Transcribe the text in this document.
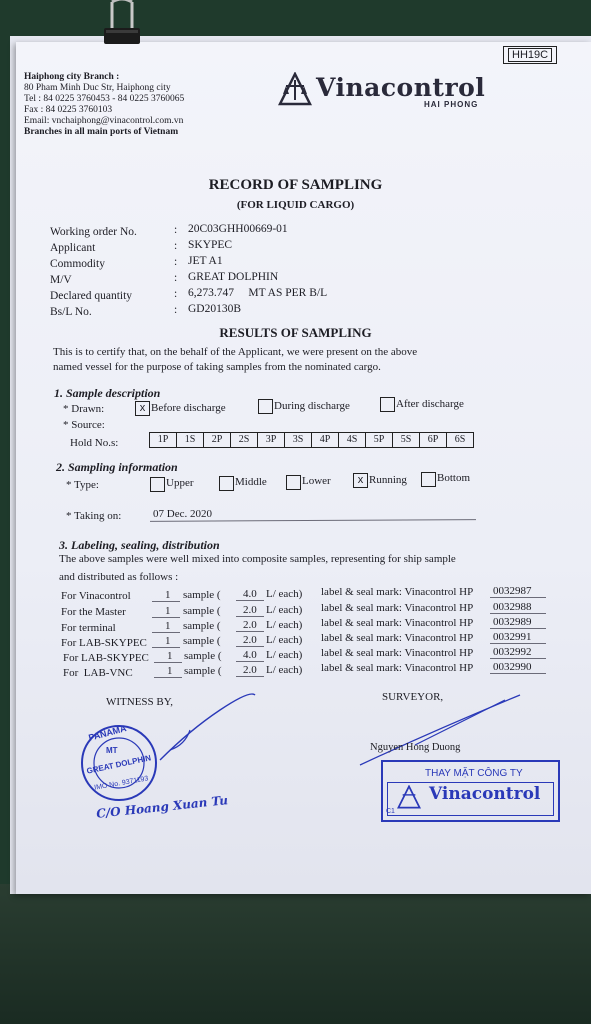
HH19C
Haiphong city Branch :
80 Pham Minh Duc Str, Haiphong city
Tel : 84 0225 3760453 - 84 0225 3760065
Fax : 84 0225 3760103
Email: vnchaiphong@vinacontrol.com.vn
Branches in all main ports of Vietnam
Vinacontrol
HAI PHONG
RECORD OF SAMPLING
(FOR LIQUID CARGO)
Working order No.	: 20C03GHH00669-01
Applicant	: SKYPEC
Commodity	: JET A1
M/V	: GREAT DOLPHIN
Declared quantity	: 6,273.747     MT AS PER B/L
Bs/L No.	: GD20130B
RESULTS OF SAMPLING
This is to certify that, on the behalf of the Applicant, we were present on the above
named vessel for the purpose of taking samples from the nominated cargo.
1. Sample description
* Drawn:	x Before discharge	During discharge	After discharge
* Source:
Hold No.s:	1P	1S	2P	2S	3P	3S	4P	4S	5P	5S	6P	6S
2. Sampling information
* Type:	Upper	Middle	Lower	x Running	Bottom
* Taking on:	07 Dec. 2020
3. Labeling, sealing, distribution
The above samples were well mixed into composite samples, representing for ship sample
and distributed as follows :
For Vinacontrol	1 sample ( 4.0 L/ each) label & seal mark: Vinacontrol HP 0032987
For the Master	1 sample ( 2.0 L/ each) label & seal mark: Vinacontrol HP 0032988
For terminal	1 sample ( 2.0 L/ each) label & seal mark: Vinacontrol HP 0032989
For LAB-SKYPEC 1 sample ( 2.0 L/ each) label & seal mark: Vinacontrol HP 0032991
For LAB-SKYPEC 1 sample ( 4.0 L/ each) label & seal mark: Vinacontrol HP 0032992
For  LAB-VNC	1 sample ( 2.0 L/ each) label & seal mark: Vinacontrol HP 0032990
WITNESS BY,	SURVEYOR,
PANAMA
MT
GREAT DOLPHIN
IMO No. 9371193
C/O Hoang Xuan Tu
Nguyen Hong Duong
THAY MẶT CÔNG TY
Vinacontrol
C1
